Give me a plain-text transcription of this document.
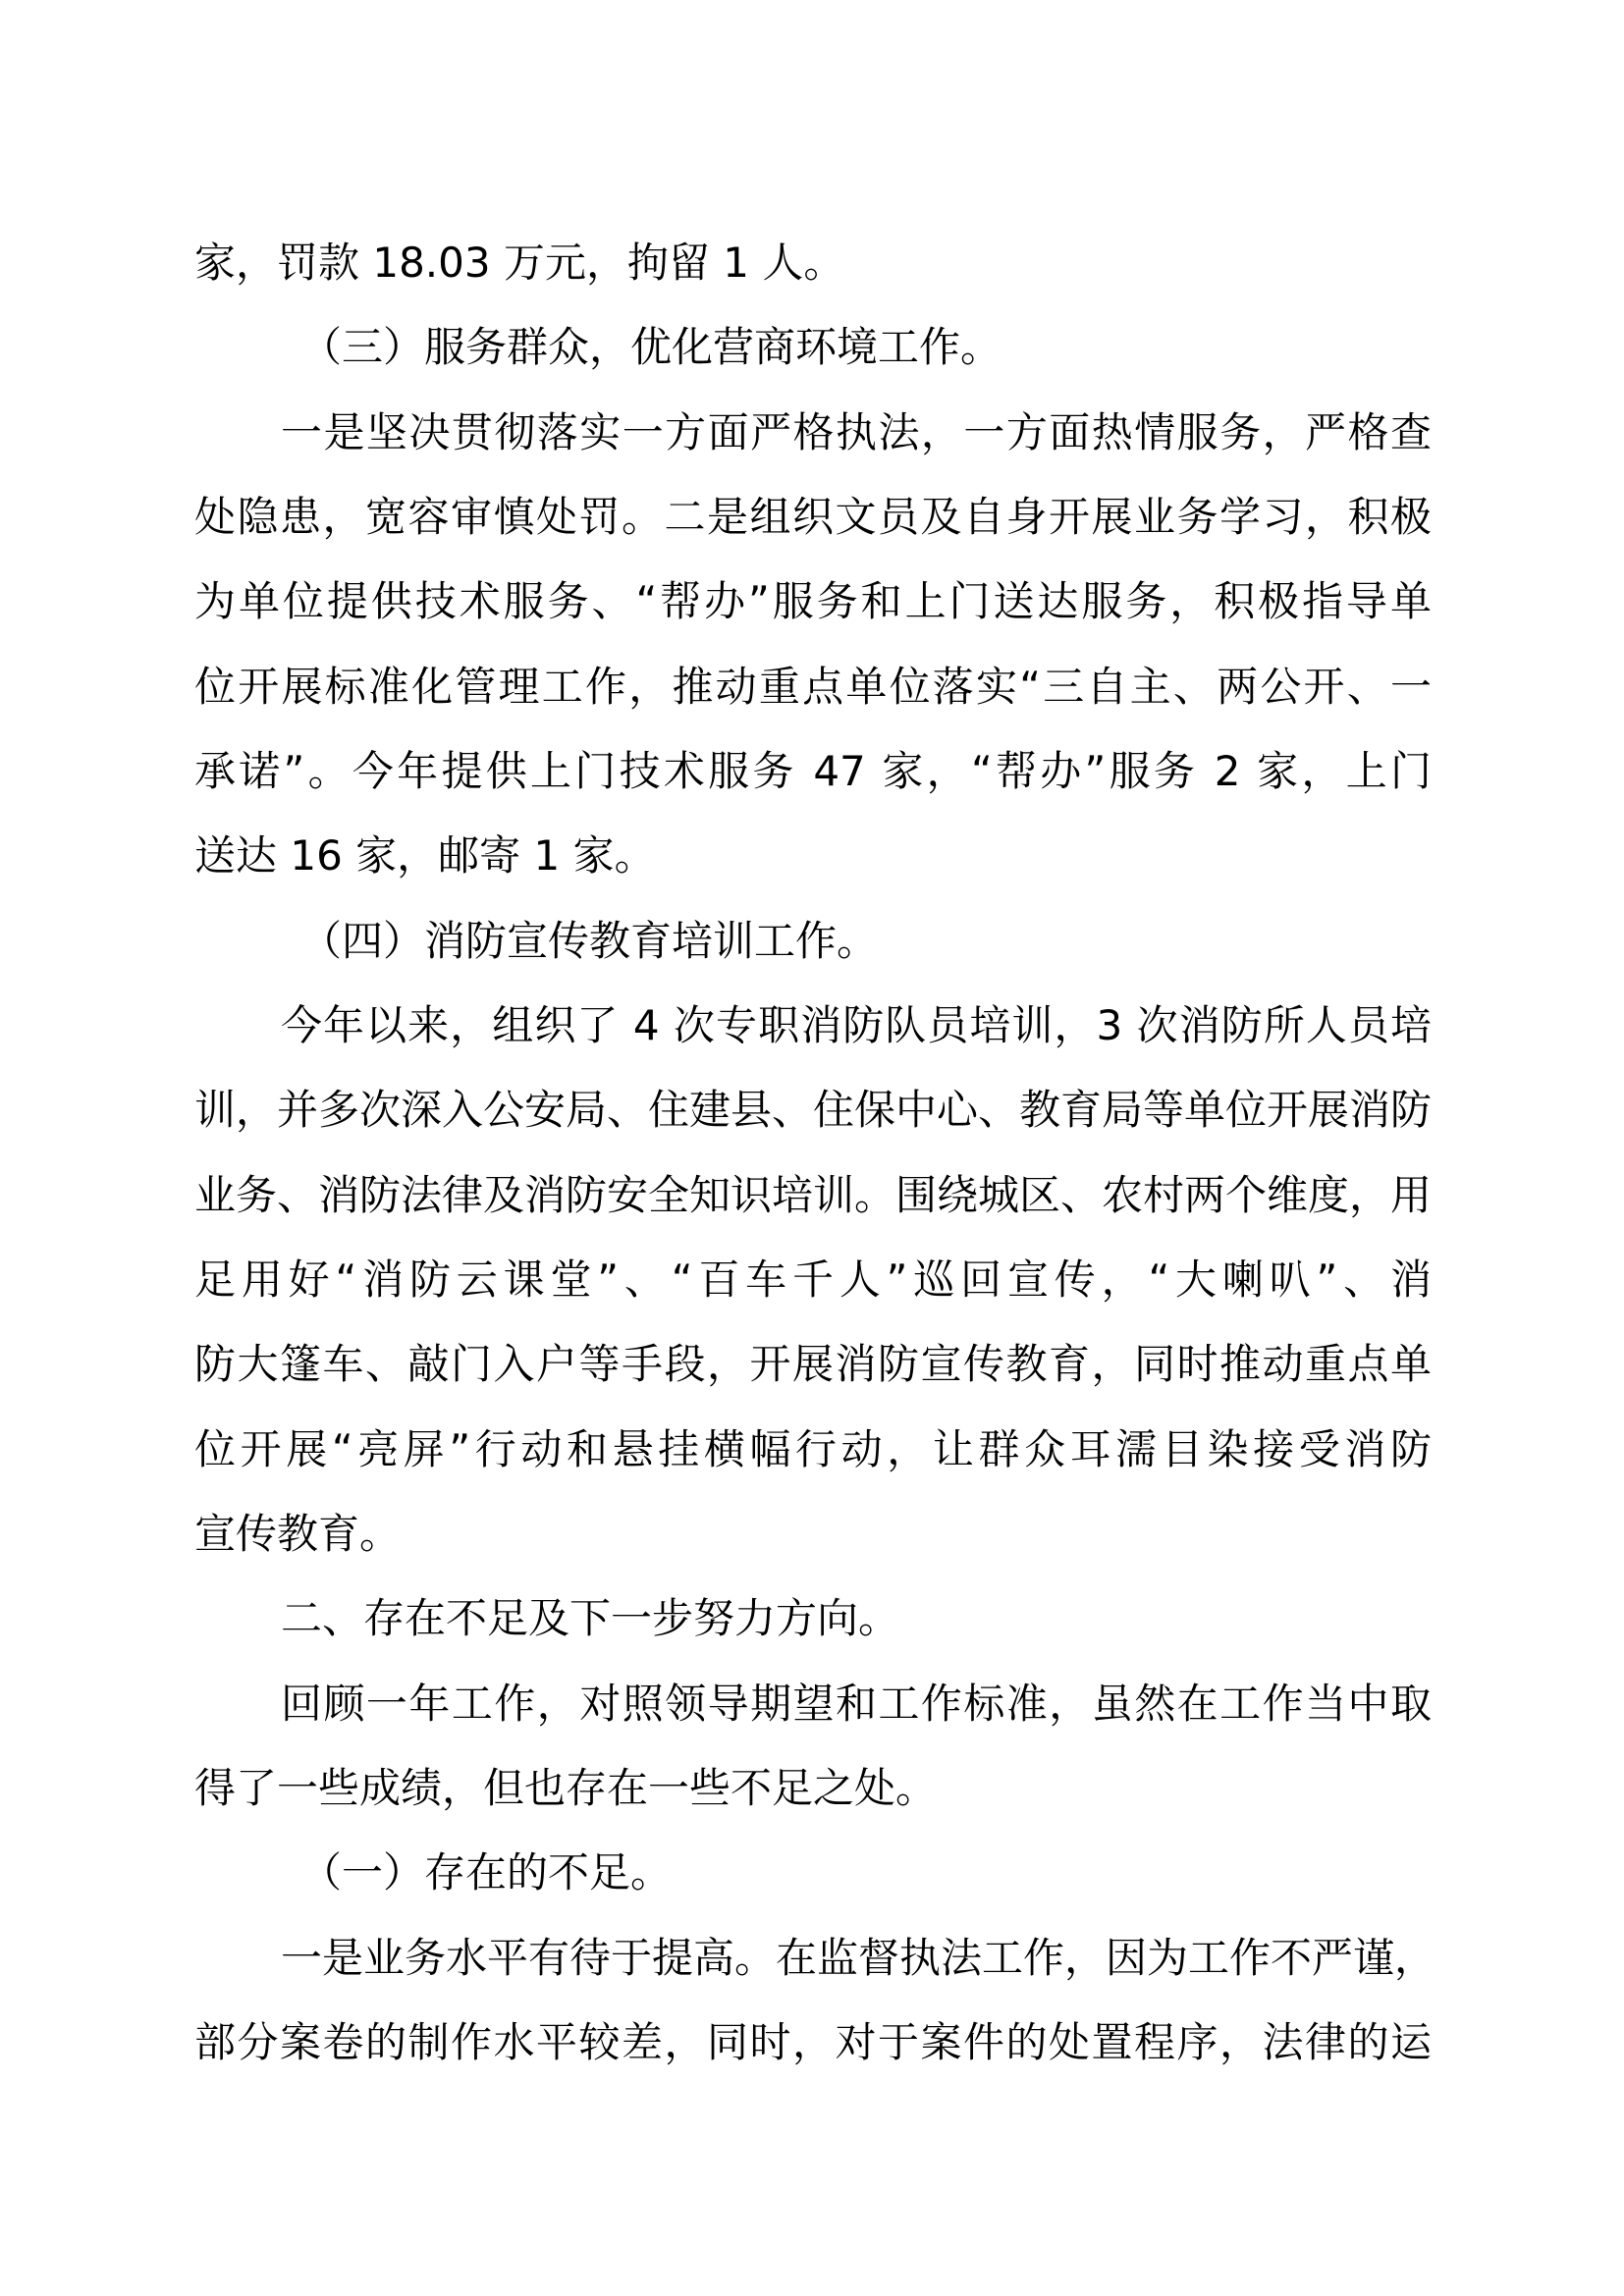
家，罚款 18.03 万元，拘留 1 人。
（三）服务群众，优化营商环境工作。
一是坚决贯彻落实一方面严格执法，一方面热情服务，严格查
处隐患，宽容审慎处罚。二是组织文员及自身开展业务学习，积极
为单位提供技术服务、“帮办”服务和上门送达服务，积极指导单
位开展标准化管理工作，推动重点单位落实“三自主、两公开、一
承诺”。今年提供上门技术服务 47 家，“帮办”服务 2 家，上门
送达 16 家，邮寄 1 家。
（四）消防宣传教育培训工作。
今年以来，组织了 4 次专职消防队员培训，3 次消防所人员培
训，并多次深入公安局、住建县、住保中心、教育局等单位开展消防
业务、消防法律及消防安全知识培训。围绕城区、农村两个维度，用
足用好“消防云课堂”、“百车千人”巡回宣传，“大喇叭”、消
防大篷车、敲门入户等手段，开展消防宣传教育，同时推动重点单
位开展“亮屏”行动和悬挂横幅行动，让群众耳濡目染接受消防
宣传教育。
二、存在不足及下一步努力方向。
回顾一年工作，对照领导期望和工作标准，虽然在工作当中取
得了一些成绩，但也存在一些不足之处。
（一）存在的不足。
一是业务水平有待于提高。在监督执法工作，因为工作不严谨，
部分案卷的制作水平较差，同时，对于案件的处置程序，法律的运
